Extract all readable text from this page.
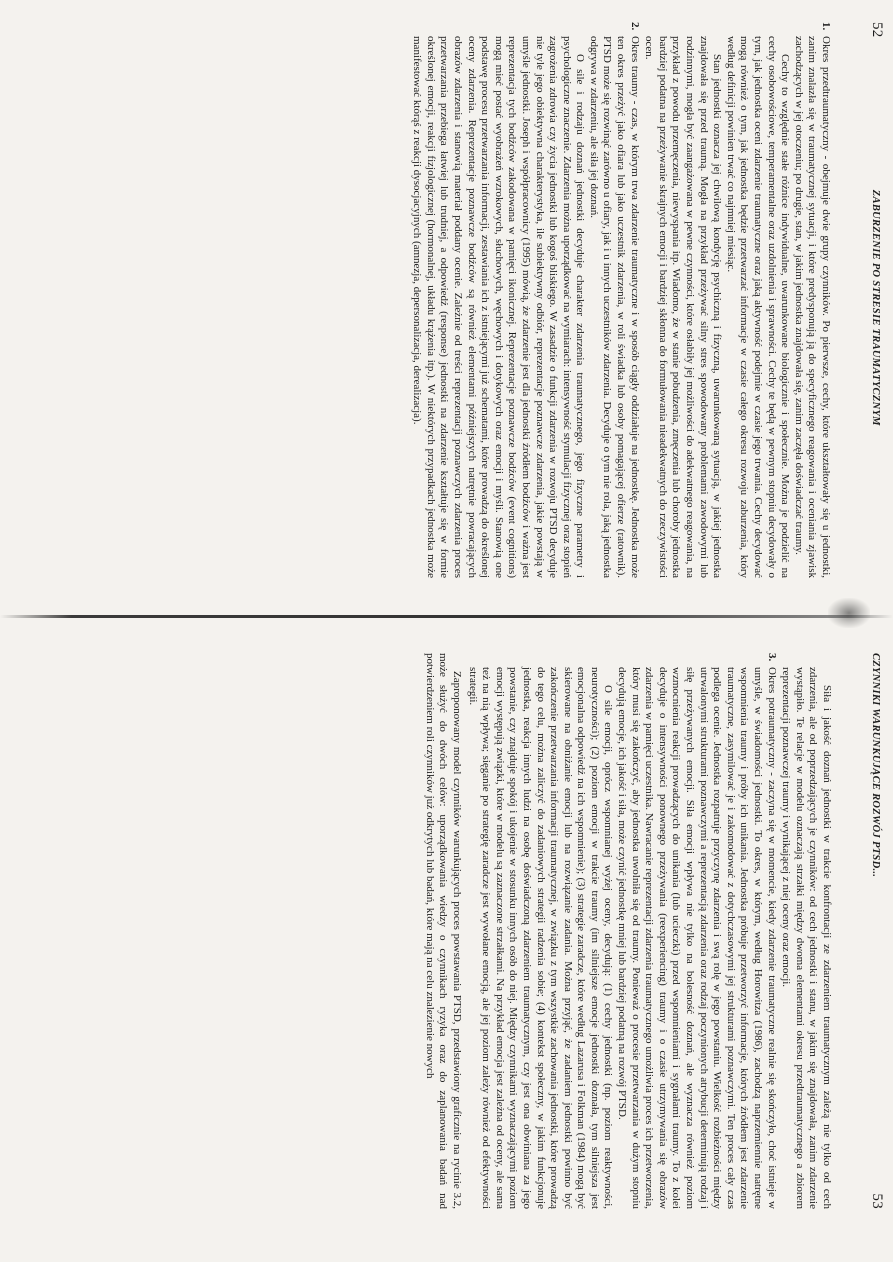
52
ZABURZENIE PO STRESIE TRAUMATYCZNYM
1.

Okres przedtraumatyczny - obejmuje dwie grupy czynników. Po pierwsze, cechy, które ukształtowały się u jednostki, zanim znalazła się w traumatycznej sytuacji, i które predysponują ją do specyficznego reagowania i oceniania zjawisk zachodzących w jej otoczeniu; po drugie, stan, w jakim jednostka znajdowała się, zanim zaczęła doświadczać traumy.

Cechy to względnie stałe różnice indywidualne, uwarunkowane biologicznie i społecznie. Można je podzielić na cechy osobowościowe, temperamentalne oraz uzdolnienia i sprawności. Cechy te będą w pewnym stopniu decydowały o tym, jak jednostka oceni zdarzenie traumatyczne oraz jaką aktywność podejmie w czasie jego trwania. Cechy decydować mogą również o tym, jak jednostka będzie przetwarzać informacje w czasie całego okresu rozwoju zaburzenia, który według definicji powinien trwać co najmniej miesiąc.

Stan jednostki oznacza jej chwilową kondycję psychiczną i fizyczną, uwarunkowaną sytuacją, w jakiej jednostka znajdowała się przed traumą. Mogła na przykład przeżywać silny stres spowodowany problemami zawodowymi lub rodzinnymi, mogła być zaangażowana w pewne czynności, które osłabiły jej możliwości do adekwatnego reagowania, na przykład z powodu przemęczenia, niewyspania itp. Wiadomo, że w stanie pobudzenia, zmęczenia lub choroby jednostka bardziej podatna na przeżywanie skrajnych emocji i bardziej skłonna do formułowania nieadekwatnych do rzeczywistości ocen.

2.

Okres traumy - czas, w którym trwa zdarzenie traumatyczne i w sposób ciągły oddziałuje na jednostkę. Jednostka może ten okres przeżyć jako ofiara lub jako uczestnik zdarzenia, w roli świadka lub osoby pomagającej ofierze (ratownik). PTSD może się rozwinąć zarówno u ofiary, jak i u innych uczestników zdarzenia. Decyduje o tym nie rola, jaką jednostka odgrywa w zdarzeniu, ale siła jej doznań.

O sile i rodzaju doznań jednostki decyduje charakter zdarzenia traumatycznego, jego fizyczne parametry i psychologiczne znaczenie. Zdarzenia można uporządkować na wymiarach: intensywność stymulacji fizycznej oraz stopień zagrożenia zdrowia czy życia jednostki lub kogoś bliskiego. W zasadzie o funkcji zdarzenia w rozwoju PTSD decyduje nie tyle jego obiektywna charakterystyka, ile subiektywny odbiór, reprezentacje poznawcze zdarzenia, jakie powstają w umyśle jednostki. Joseph i współpracownicy (1995) mówią, że zdarzenie jest dla jednostki źródłem bodźców i ważna jest reprezentacja tych bodźców zakodowana w pamięci ikonicznej. Reprezentacje poznawcze bodźców (event cognitions) mogą mieć postać wyobrażeń wzrokowych, słuchowych, węchowych i dotykowych oraz emocji i myśli. Stanowią one podstawę procesu przetwarzania informacji, zestawiania ich z istniejącymi już schematami, które prowadzą do określonej oceny zdarzenia. Reprezentacje poznawcze bodźców są również elementami późniejszych natrętnie powracających obrazów zdarzenia i stanowią materiał poddany ocenie. Zależnie od treści reprezentacji poznawczych zdarzenia proces przetwarzania przebiega łatwiej lub trudniej, a odpowiedź (response) jednostki na zdarzenie kształtuje się w formie określonej emocji, reakcji fizjologicznej (hormonalnej, układu krążenia itp.). W niektórych przypadkach jednostka może manifestować którąś z reakcji dysocjacyjnych (amnezja, depersonalizacja, derealizacja).

CZYNNIKI WARUNKUJĄCE ROZWÓJ PTSD...
53

Siła i jakość doznań jednostki w trakcie konfrontacji ze zdarzeniem traumatycznym zależą nie tylko od cech zdarzenia, ale od poprzedzających je czynników: od cech jednostki i stanu, w jakim się znajdowała, zanim zdarzenie wystąpiło. Te relacje w modelu oznaczają strzałki między dwoma elementami okresu przedtraumatycznego a zbiorem reprezentacji poznawczej traumy i wynikającej z niej oceny oraz emocji.

3.

Okres potraumatyczny - zaczyna się w momencie, kiedy zdarzenie traumatyczne realnie się skończyło, choć istnieje w umyśle, w świadomości jednostki. To okres, w którym, według Horowitza (1986), zachodzą naprzemiennie natrętne wspomnienia traumy i próby ich unikania. Jednostka próbuje przetworzyć informacje, których źródłem jest zdarzenie traumatyczne, zasymilować je i zakomodować z dotychczasowymi jej strukturami poznawczymi. Ten proces cały czas podlega ocenie. Jednostka rozpatruje przyczynę zdarzenia i swą rolę w jego powstaniu. Wielkość rozbieżności między utrwalonymi strukturami poznawczymi a reprezentacją zdarzenia oraz rodzaj poczynionych atrybucji determinują rodzaj i siłę przeżywanych emocji. Siła emocji wpływa nie tylko na bolesność doznań, ale wyznacza również poziom wzmocnienia reakcji prowadzących do unikania (lub ucieczki) przed wspomnieniami i sygnałami traumy. To z kolei decyduje o intensywności ponownego przeżywania (reexperiencing) traumy i o czasie utrzymywania się obrazów zdarzenia w pamięci uczestnika. Nawracanie reprezentacji zdarzenia traumatycznego umożliwia proces ich przetworzenia, który musi się zakończyć, aby jednostka uwolniła się od traumy. Ponieważ o procesie przetwarzania w dużym stopniu decydują emocje, ich jakość i siła, może czynić jednostkę mniej lub bardziej podatną na rozwój PTSD.

O sile emocji, oprócz wspomnianej wyżej oceny, decydują: (1) cechy jednostki (np. poziom reaktywności, neurotyczności); (2) poziom emocji w trakcie traumy (im silniejsze emocje jednostki doznała, tym silniejsza jest emocjonalna odpowiedź na ich wspomnienie); (3) strategie zaradcze, które według Lazarusa i Folkman (1984) mogą być skierowane na obniżanie emocji lub na rozwiązanie zadania. Można przyjąć, że zadaniem jednostki powinno być zakończenie przetwarzania informacji traumatycznej, w związku z tym wszystkie zachowania jednostki, które prowadzą do tego celu, można zaliczyć do zadaniowych strategii radzenia sobie; (4) kontekst społeczny, w jakim funkcjonuje jednostka, reakcja innych ludzi na osobę doświadczoną zdarzeniem traumatycznym, czy jest ona obwiniana za jego powstanie, czy znajduje spokój i ukojenie w stosunku innych osób do niej. Między czynnikami wyznaczającymi poziom emocji występują związki, które w modelu są zaznaczone strzałkami. Na przykład emocja jest zależna od oceny, ale sama też na nią wpływa; sięganie po strategię zaradcze jest wywołane emocją, ale jej poziom zależy również od efektywności strategii.

Zaproponowany model czynników warunkujących proces powstawania PTSD, przedstawiony graficznie na rycinie 3.2, może służyć do dwóch celów: uporządkowania wiedzy o czynnikach ryzyka oraz do zaplanowania badań nad potwierdzeniem roli czynników już odkrytych lub badań, które mają na celu znalezienie nowych
